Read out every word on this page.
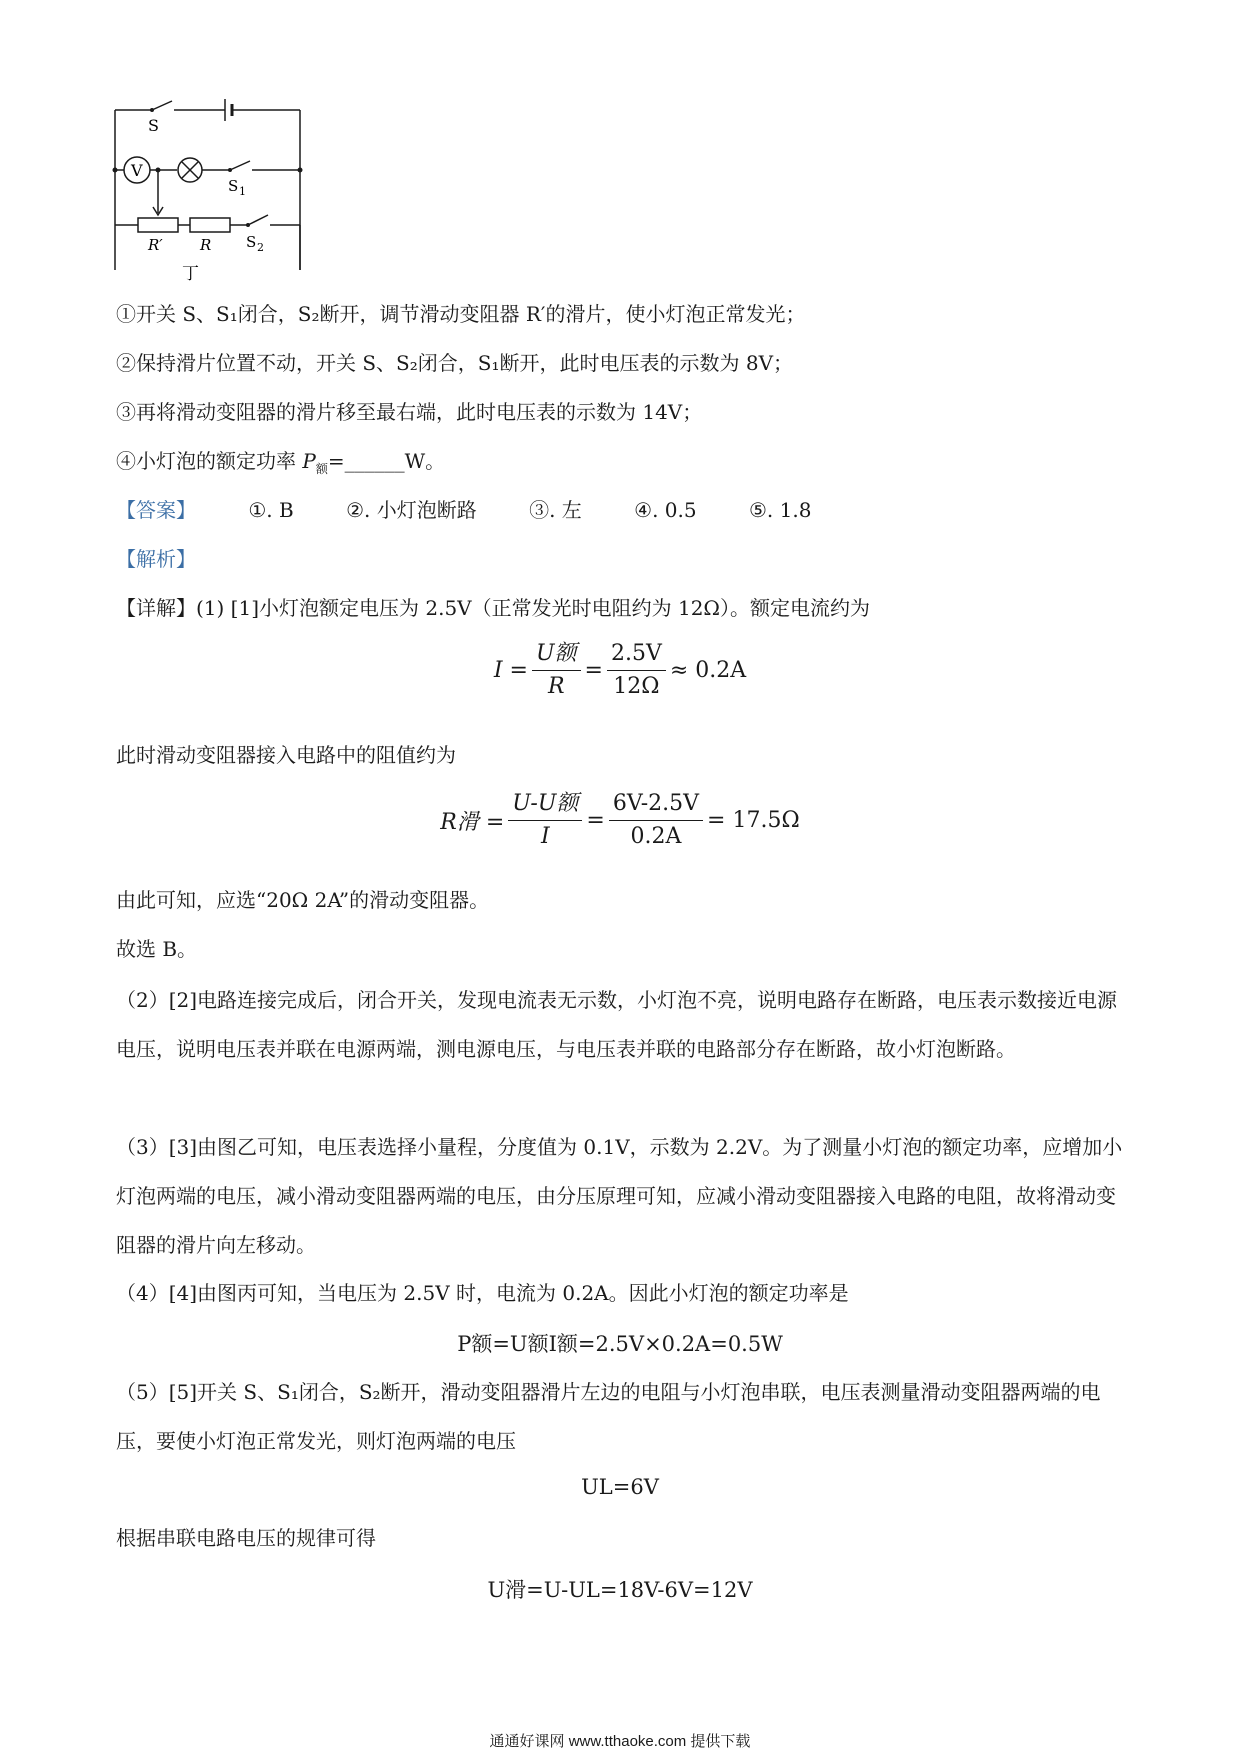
S
V
S 1
R′ R S 2
丁
①开关 S、S₁闭合，S₂断开，调节滑动变阻器 R′的滑片，使小灯泡正常发光；
②保持滑片位置不动，开关 S、S₂闭合，S₁断开，此时电压表的示数为 8V；
③再将滑动变阻器的滑片移至最右端，此时电压表的示数为 14V；
④小灯泡的额定功率 $P_额=\_\_\_\_\_\_W$。
【答案】	①. B	②. 小灯泡断路	③. 左	④. 0.5	⑤. 1.8
【解析】
【详解】(1) [1]小灯泡额定电压为 2.5V（正常发光时电阻约为 12Ω）。额定电流约为
$I = \frac{\text{U额}}{R} = \frac{2.5V}{12\Omega} \approx 0.2A$
此时滑动变阻器接入电路中的阻值约为
R滑 = $\frac{\text{U-U额}}{I} = \frac{6V-2.5V}{0.2A} = 17.5\Omega$
由此可知，应选“20Ω 2A”的滑动变阻器。
故选 B。

（2）[2]电路连接完成后，闭合开关，发现电流表无示数，小灯泡不亮，说明电路存在断路，电压表示数接近电源电压，说明电压表并联在电源两端，测电源电压，与电压表并联的电路部分存在断路，故小灯泡断路。

（3）[3]由图乙可知，电压表选择小量程，分度值为 0.1V，示数为 2.2V。为了测量小灯泡的额定功率，应增加小灯泡两端的电压，减小滑动变阻器两端的电压，由分压原理可知，应减小滑动变阻器接入电路的电阻，故将滑动变阻器的滑片向左移动。

（4）[4]由图丙可知，当电压为 2.5V 时，电流为 0.2A。因此小灯泡的额定功率是
P额=U额I额=2.5V×0.2A=0.5W

（5）[5]开关 S、S₁闭合，S₂断开，滑动变阻器滑片左边的电阻与小灯泡串联，电压表测量滑动变阻器两端的电压，要使小灯泡正常发光，则灯泡两端的电压

UL=6V
根据串联电路电压的规律可得
U滑=U-UL=18V-6V=12V
通通好课网 www.tthaoke.com 提供下载
